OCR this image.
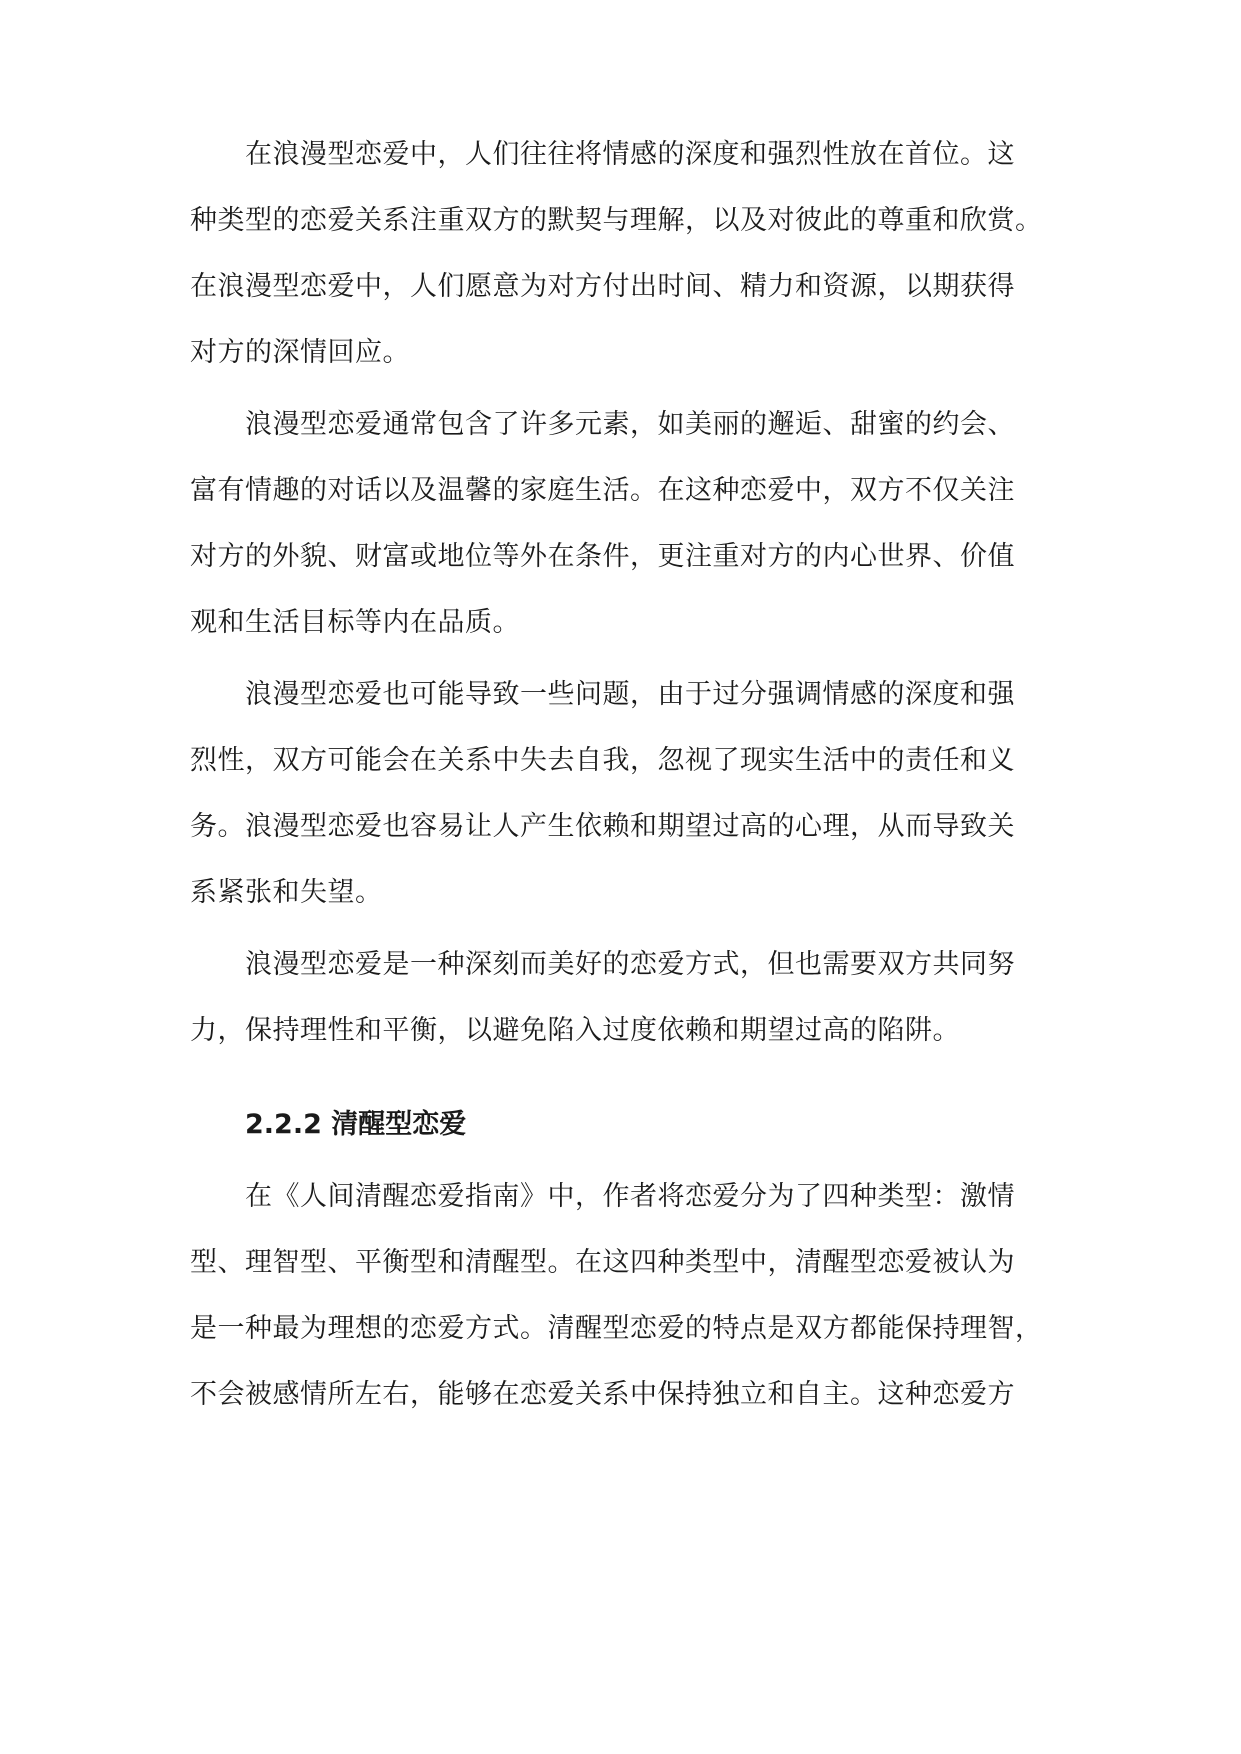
在浪漫型恋爱中，人们往往将情感的深度和强烈性放在首位。这
种类型的恋爱关系注重双方的默契与理解，以及对彼此的尊重和欣赏。
在浪漫型恋爱中，人们愿意为对方付出时间、精力和资源，以期获得
对方的深情回应。
浪漫型恋爱通常包含了许多元素，如美丽的邂逅、甜蜜的约会、
富有情趣的对话以及温馨的家庭生活。在这种恋爱中，双方不仅关注
对方的外貌、财富或地位等外在条件，更注重对方的内心世界、价值
观和生活目标等内在品质。
浪漫型恋爱也可能导致一些问题，由于过分强调情感的深度和强
烈性，双方可能会在关系中失去自我，忽视了现实生活中的责任和义
务。浪漫型恋爱也容易让人产生依赖和期望过高的心理，从而导致关
系紧张和失望。
浪漫型恋爱是一种深刻而美好的恋爱方式，但也需要双方共同努
力，保持理性和平衡，以避免陷入过度依赖和期望过高的陷阱。
2.2.2 清醒型恋爱
在《人间清醒恋爱指南》中，作者将恋爱分为了四种类型：激情
型、理智型、平衡型和清醒型。在这四种类型中，清醒型恋爱被认为
是一种最为理想的恋爱方式。清醒型恋爱的特点是双方都能保持理智，
不会被感情所左右，能够在恋爱关系中保持独立和自主。这种恋爱方
